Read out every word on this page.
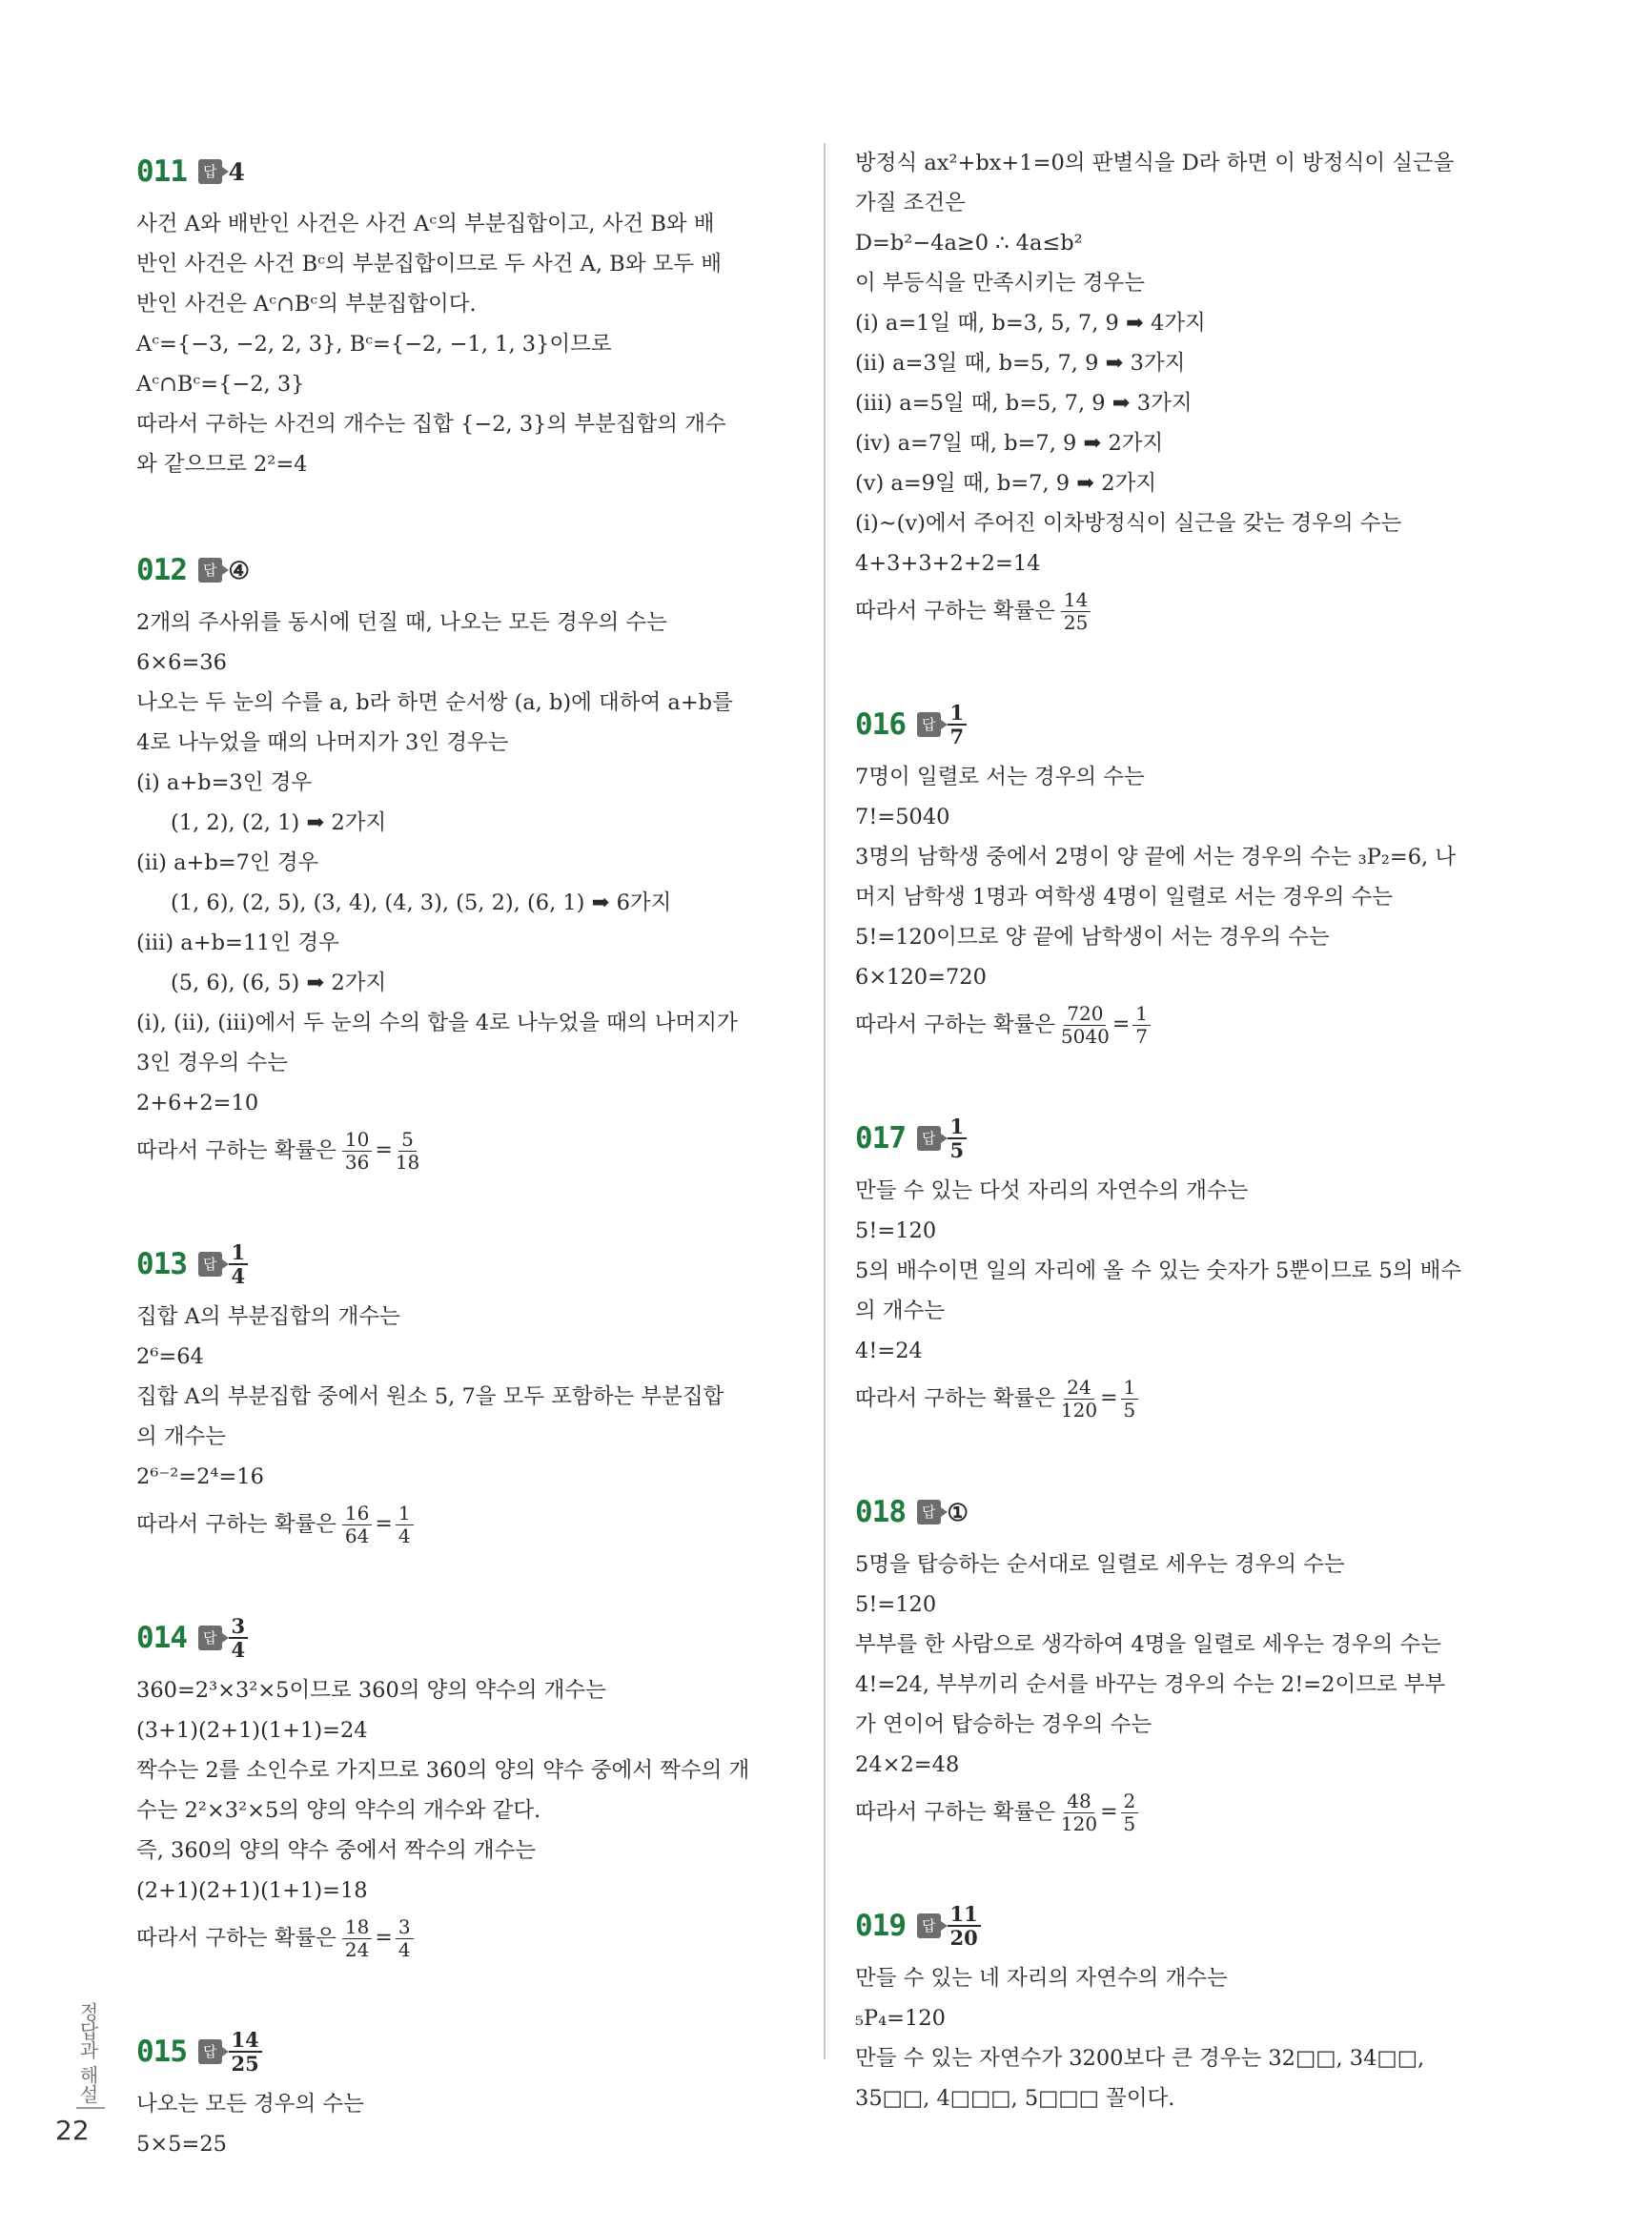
011	답 4
사건 A와 배반인 사건은 사건 Aᶜ의 부분집합이고, 사건 B와 배
반인 사건은 사건 Bᶜ의 부분집합이므로 두 사건 A, B와 모두 배
반인 사건은 Aᶜ∩Bᶜ의 부분집합이다.
Aᶜ={−3, −2, 2, 3}, Bᶜ={−2, −1, 1, 3}이므로
Aᶜ∩Bᶜ={−2, 3}
따라서 구하는 사건의 개수는 집합 {−2, 3}의 부분집합의 개수
와 같으므로 2²=4
012	답 ④
2개의 주사위를 동시에 던질 때, 나오는 모든 경우의 수는
6×6=36
나오는 두 눈의 수를 a, b라 하면 순서쌍 (a, b)에 대하여 a+b를
4로 나누었을 때의 나머지가 3인 경우는
(ⅰ) a+b=3인 경우
(1, 2), (2, 1) ➡ 2가지
(ⅱ) a+b=7인 경우
(1, 6), (2, 5), (3, 4), (4, 3), (5, 2), (6, 1) ➡ 6가지
(ⅲ) a+b=11인 경우
(5, 6), (6, 5) ➡ 2가지
(ⅰ), (ⅱ), (ⅲ)에서 두 눈의 수의 합을 4로 나누었을 때의 나머지가
3인 경우의 수는
2+6+2=10
따라서 구하는 확률은 $\frac{10}{36} = \frac{5}{18}$
013	답 $\frac{1}{4}$
집합 A의 부분집합의 개수는
2⁶=64
집합 A의 부분집합 중에서 원소 5, 7을 모두 포함하는 부분집합
의 개수는
2⁶⁻²=2⁴=16
따라서 구하는 확률은 $\frac{16}{64} = \frac{1}{4}$
014	답 $\frac{3}{4}$
360=2³×3²×5이므로 360의 양의 약수의 개수는
(3+1)(2+1)(1+1)=24
짝수는 2를 소인수로 가지므로 360의 양의 약수 중에서 짝수의 개
수는 2²×3²×5의 양의 약수의 개수와 같다.
즉, 360의 양의 약수 중에서 짝수의 개수는
(2+1)(2+1)(1+1)=18
따라서 구하는 확률은 $\frac{18}{24} = \frac{3}{4}$
015	답 $\frac{14}{25}$
나오는 모든 경우의 수는
5×5=25
방정식 ax²+bx+1=0의 판별식을 D라 하면 이 방정식이 실근을
가질 조건은
D=b²−4a≥0 ∴ 4a≤b²
이 부등식을 만족시키는 경우는
(ⅰ) a=1일 때, b=3, 5, 7, 9 ➡ 4가지
(ⅱ) a=3일 때, b=5, 7, 9 ➡ 3가지
(ⅲ) a=5일 때, b=5, 7, 9 ➡ 3가지
(ⅳ) a=7일 때, b=7, 9 ➡ 2가지
(ⅴ) a=9일 때, b=7, 9 ➡ 2가지
(ⅰ)~(ⅴ)에서 주어진 이차방정식이 실근을 갖는 경우의 수는
4+3+3+2+2=14
따라서 구하는 확률은 $\frac{14}{25}$
016	답 $\frac{1}{7}$
7명이 일렬로 서는 경우의 수는
7!=5040
3명의 남학생 중에서 2명이 양 끝에 서는 경우의 수는 ₃P₂=6, 나
머지 남학생 1명과 여학생 4명이 일렬로 서는 경우의 수는
5!=120이므로 양 끝에 남학생이 서는 경우의 수는
6×120=720
따라서 구하는 확률은 $\frac{720}{5040} = \frac{1}{7}$
017	답 $\frac{1}{5}$
만들 수 있는 다섯 자리의 자연수의 개수는
5!=120
5의 배수이면 일의 자리에 올 수 있는 숫자가 5뿐이므로 5의 배수
의 개수는
4!=24
따라서 구하는 확률은 $\frac{24}{120} = \frac{1}{5}$
018	답 ①
5명을 탑승하는 순서대로 일렬로 세우는 경우의 수는
5!=120
부부를 한 사람으로 생각하여 4명을 일렬로 세우는 경우의 수는
4!=24, 부부끼리 순서를 바꾸는 경우의 수는 2!=2이므로 부부
가 연이어 탑승하는 경우의 수는
24×2=48
따라서 구하는 확률은 $\frac{48}{120} = \frac{2}{5}$
019	답 $\frac{11}{20}$
만들 수 있는 네 자리의 자연수의 개수는
₅P₄=120
만들 수 있는 자연수가 3200보다 큰 경우는 32□□, 34□□,
35□□, 4□□□, 5□□□ 꼴이다.
정답과 해설
22
